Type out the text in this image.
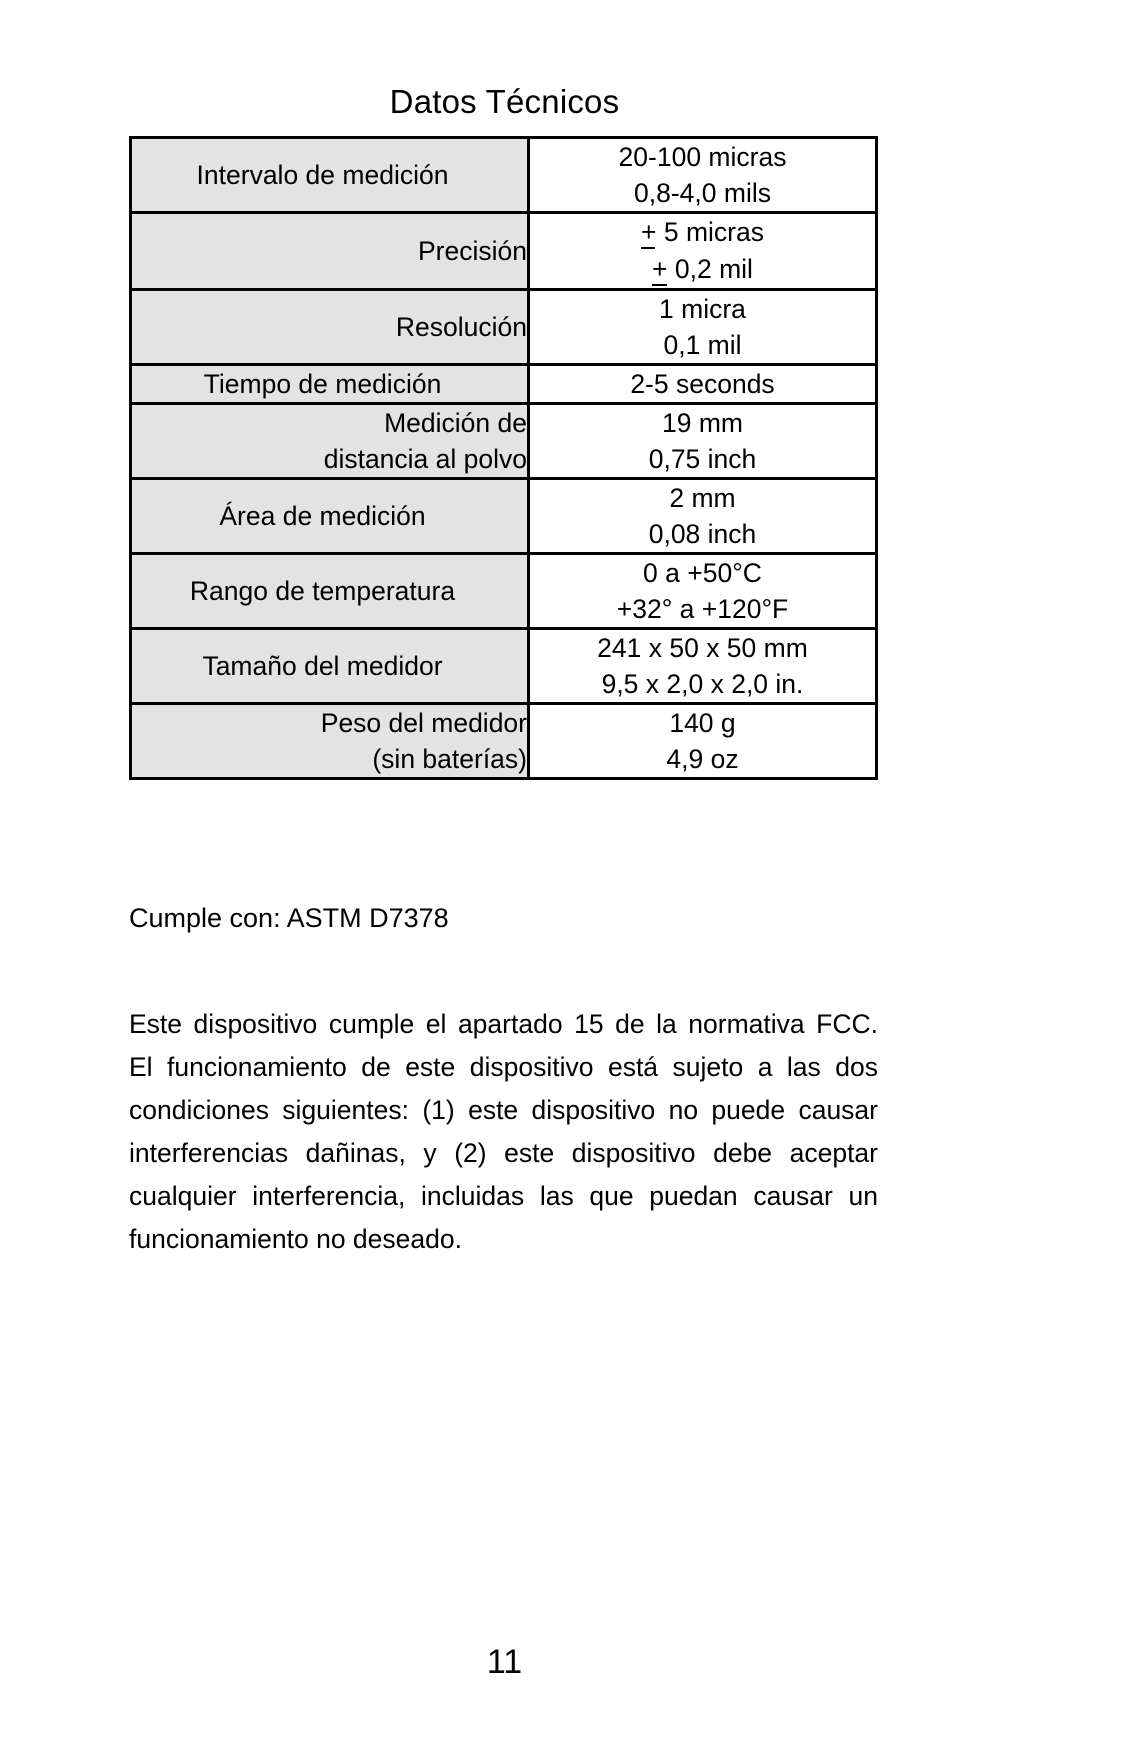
Datos Técnicos
Intervalo de medición	20-100 micras
0,8-4,0 mils

Precisión	+ 5 micras
+ 0,2 mil

Resolución	1 micra
0,1 mil

Tiempo de medición	2-5 seconds

Medición de
distancia al polvo	19 mm
0,75 inch

Área de medición	2 mm
0,08 inch

Rango de temperatura	0 a +50°C
+32° a +120°F

Tamaño del medidor	241 x 50 x 50 mm
9,5 x 2,0 x 2,0 in.

Peso del medidor
(sin baterías)	140 g
4,9 oz
Cumple con: ASTM D7378
Este dispositivo cumple el apartado 15 de la normativa FCC.
El funcionamiento de este dispositivo está sujeto a las dos
condiciones siguientes: (1) este dispositivo no puede causar
interferencias dañinas, y (2) este dispositivo debe aceptar
cualquier interferencia, incluidas las que puedan causar un
funcionamiento no deseado.
11
